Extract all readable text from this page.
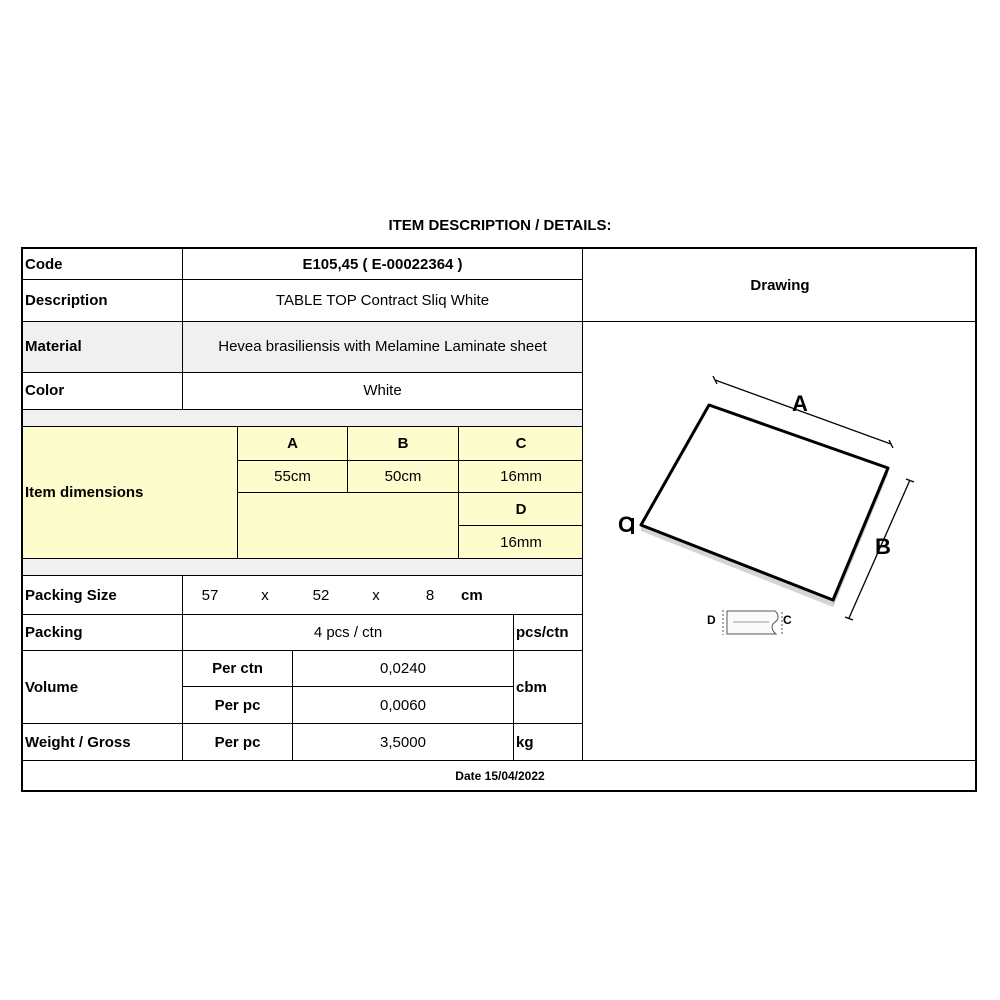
ITEM DESCRIPTION / DETAILS:
Code	E105,45 ( E-00022364 )
Description	TABLE TOP Contract Sliq White
Material	Hevea brasiliensis with Melamine Laminate sheet
Color	White
Item dimensions
A	B	C
55cm	50cm	16mm
D
16mm
Packing Size	57	x	52	x	8	cm
Packing	4 pcs / ctn	pcs/ctn
Volume
Per ctn	0,0240
Per pc	0,0060
cbm
Weight / Gross	Per pc	3,5000	kg
Date 15/04/2022
Drawing
A
B
C
D	C
